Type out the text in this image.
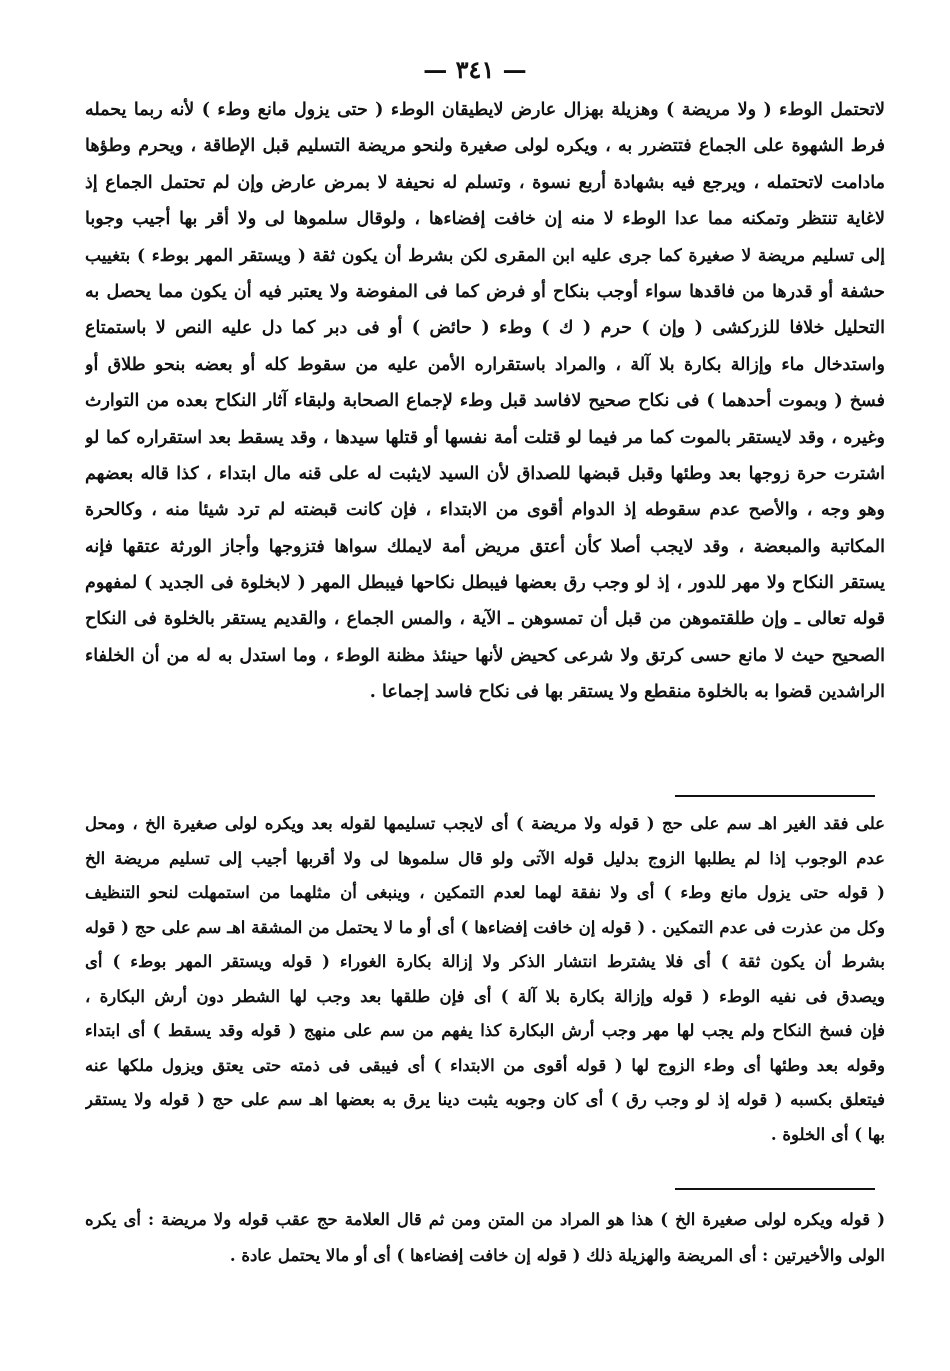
— ٣٤١ —
لاتحتمل الوطء ( ولا مريضة ) وهزيلة بهزال عارض لايطيقان الوطء ( حتى يزول مانع وطء ) لأنه ربما يحمله
فرط الشهوة على الجماع فتتضرر به ، ويكره لولى صغيرة ولنحو مريضة التسليم قبل الإطاقة ، ويحرم وطؤها
مادامت لاتحتمله ، ويرجع فيه بشهادة أربع نسوة ، وتسلم له نحيفة لا بمرض عارض وإن لم تحتمل الجماع إذ
لاغاية تنتظر وتمكنه مما عدا الوطء لا منه إن خافت إفضاءها ، ولوقال سلموها لى ولا أقر بها أجيب وجوبا
إلى تسليم مريضة لا صغيرة كما جرى عليه ابن المقرى لكن بشرط أن يكون ثقة ( ويستقر المهر بوطء ) بتغييب
حشفة أو قدرها من فاقدها سواء أوجب بنكاح أو فرض كما فى المفوضة ولا يعتبر فيه أن يكون مما يحصل به
التحليل خلافا للزركشى ( وإن ) حرم ( ك ) وطء ( حائض ) أو فى دبر كما دل عليه النص لا باستمتاع
واستدخال ماء وإزالة بكارة بلا آلة ، والمراد باستقراره الأمن عليه من سقوط كله أو بعضه بنحو طلاق أو
فسخ ( وبموت أحدهما ) فى نكاح صحيح لافاسد قبل وطء لإجماع الصحابة ولبقاء آثار النكاح بعده من التوارث
وغيره ، وقد لايستقر بالموت كما مر فيما لو قتلت أمة نفسها أو قتلها سيدها ، وقد يسقط بعد استقراره كما لو
اشترت حرة زوجها بعد وطئها وقبل قبضها للصداق لأن السيد لايثبت له على قنه مال ابتداء ، كذا قاله بعضهم
وهو وجه ، والأصح عدم سقوطه إذ الدوام أقوى من الابتداء ، فإن كانت قبضته لم ترد شيئا منه ، وكالحرة
المكاتبة والمبعضة ، وقد لايجب أصلا كأن أعتق مريض أمة لايملك سواها فتزوجها وأجاز الورثة عتقها فإنه
يستقر النكاح ولا مهر للدور ، إذ لو وجب رق بعضها فيبطل نكاحها فيبطل المهر ( لابخلوة فى الجديد ) لمفهوم
قوله تعالى ـ وإن طلقتموهن من قبل أن تمسوهن ـ الآية ، والمس الجماع ، والقديم يستقر بالخلوة فى النكاح
الصحيح حيث لا مانع حسى كرتق ولا شرعى كحيض لأنها حينئذ مظنة الوطء ، وما استدل به له من أن الخلفاء
الراشدين قضوا به بالخلوة منقطع ولا يستقر بها فى نكاح فاسد إجماعا .
على فقد الغير اهـ سم على حج ( قوله ولا مريضة ) أى لايجب تسليمها لقوله بعد ويكره لولى صغيرة الخ ، ومحل
عدم الوجوب إذا لم يطلبها الزوج بدليل قوله الآتى ولو قال سلموها لى ولا أقربها أجيب إلى تسليم مريضة الخ
( قوله حتى يزول مانع وطء ) أى ولا نفقة لهما لعدم التمكين ، وينبغى أن مثلهما من استمهلت لنحو التنظيف
وكل من عذرت فى عدم التمكين . ( قوله إن خافت إفضاءها ) أى أو ما لا يحتمل من المشقة اهـ سم على حج ( قوله
بشرط أن يكون ثقة ) أى فلا يشترط انتشار الذكر ولا إزالة بكارة الغوراء ( قوله ويستقر المهر بوطء ) أى
ويصدق فى نفيه الوطء ( قوله وإزالة بكارة بلا آلة ) أى فإن طلقها بعد وجب لها الشطر دون أرش البكارة ،
فإن فسخ النكاح ولم يجب لها مهر وجب أرش البكارة كذا يفهم من سم على منهج ( قوله وقد يسقط ) أى ابتداء
وقوله بعد وطئها أى وطء الزوج لها ( قوله أقوى من الابتداء ) أى فيبقى فى ذمته حتى يعتق ويزول ملكها عنه
فيتعلق بكسبه ( قوله إذ لو وجب رق ) أى كان وجوبه يثبت دينا يرق به بعضها اهـ سم على حج ( قوله ولا يستقر
بها ) أى الخلوة .
( قوله ويكره لولى صغيرة الخ ) هذا هو المراد من المتن ومن ثم قال العلامة حج عقب قوله ولا مريضة : أى يكره
الولى والأخيرتين : أى المريضة والهزيلة ذلك ( قوله إن خافت إفضاءها ) أى أو مالا يحتمل عادة .
